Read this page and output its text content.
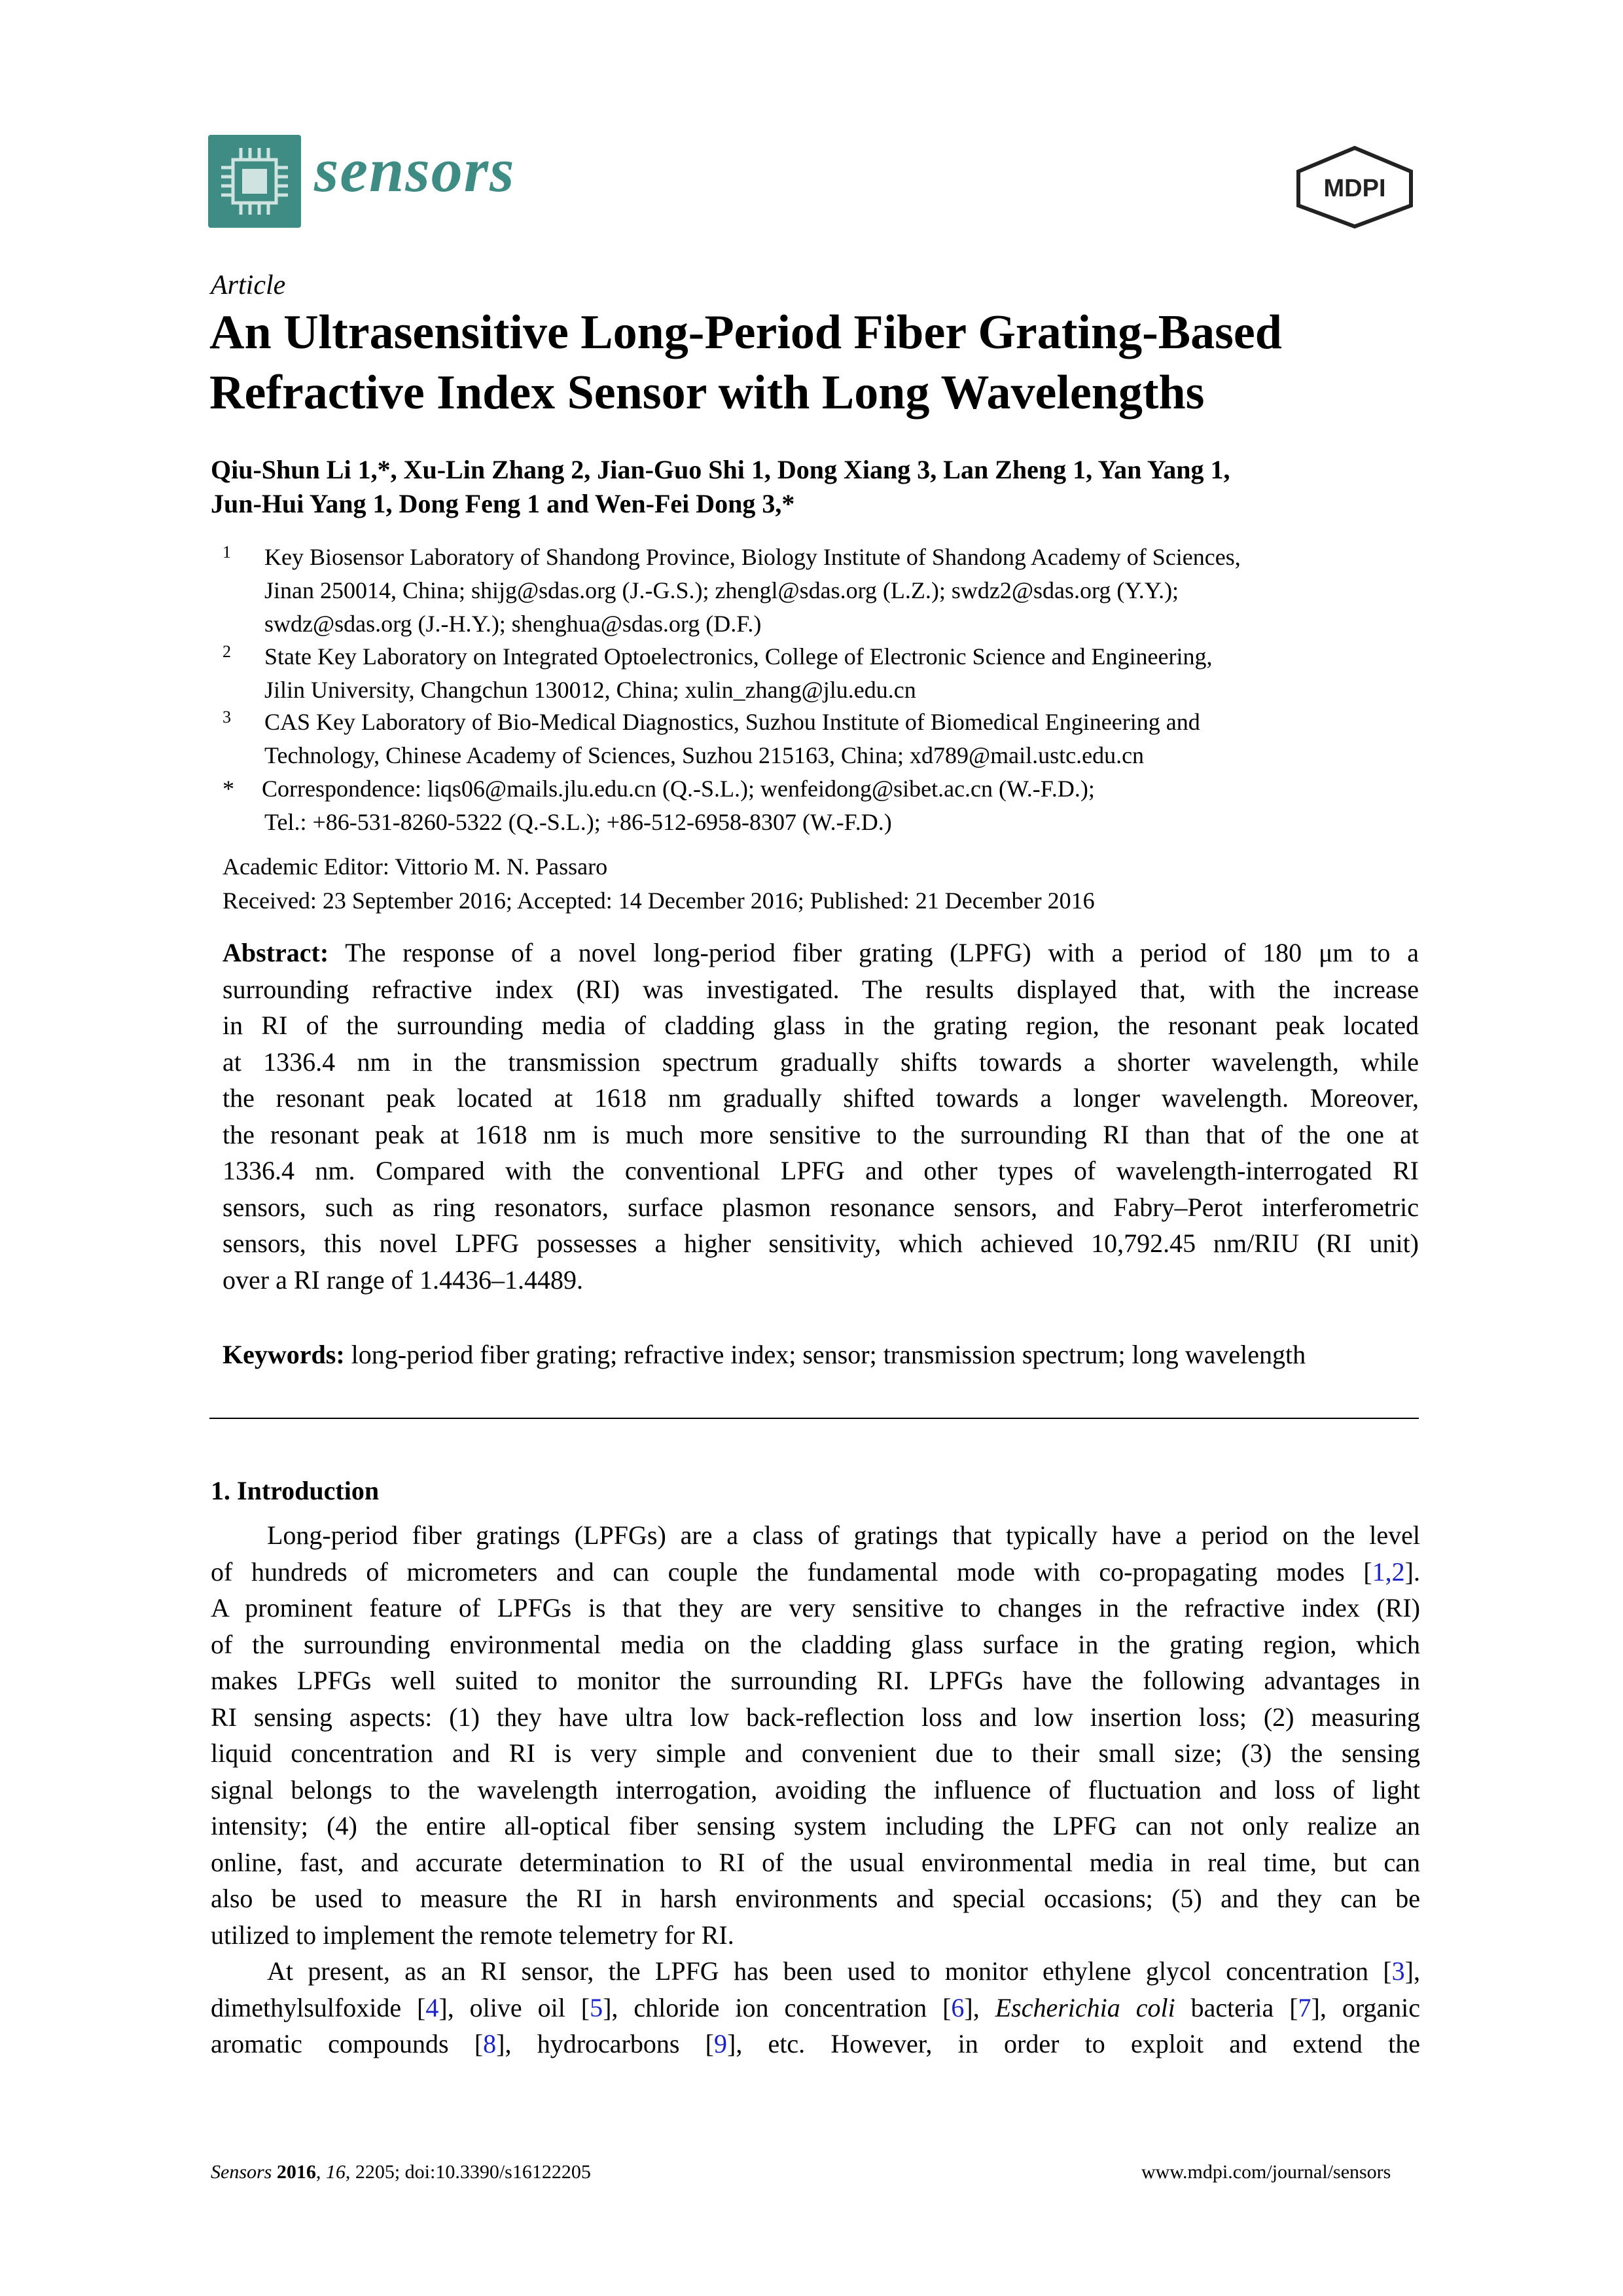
sensors	MDPI
Article
An Ultrasensitive Long-Period Fiber Grating-Based
Refractive Index Sensor with Long Wavelengths
Qiu-Shun Li 1,*, Xu-Lin Zhang 2, Jian-Guo Shi 1, Dong Xiang 3, Lan Zheng 1, Yan Yang 1,
Jun-Hui Yang 1, Dong Feng 1 and Wen-Fei Dong 3,*
1 Key Biosensor Laboratory of Shandong Province, Biology Institute of Shandong Academy of Sciences,
Jinan 250014, China; shijg@sdas.org (J.-G.S.); zhengl@sdas.org (L.Z.); swdz2@sdas.org (Y.Y.);
swdz@sdas.org (J.-H.Y.); shenghua@sdas.org (D.F.)
2 State Key Laboratory on Integrated Optoelectronics, College of Electronic Science and Engineering,
Jilin University, Changchun 130012, China; xulin_zhang@jlu.edu.cn
3 CAS Key Laboratory of Bio-Medical Diagnostics, Suzhou Institute of Biomedical Engineering and
Technology, Chinese Academy of Sciences, Suzhou 215163, China; xd789@mail.ustc.edu.cn
* Correspondence: liqs06@mails.jlu.edu.cn (Q.-S.L.); wenfeidong@sibet.ac.cn (W.-F.D.);
Tel.: +86-531-8260-5322 (Q.-S.L.); +86-512-6958-8307 (W.-F.D.)
Academic Editor: Vittorio M. N. Passaro
Received: 23 September 2016; Accepted: 14 December 2016; Published: 21 December 2016
Abstract: The response of a novel long-period fiber grating (LPFG) with a period of 180 μm to a
surrounding refractive index (RI) was investigated. The results displayed that, with the increase
in RI of the surrounding media of cladding glass in the grating region, the resonant peak located
at 1336.4 nm in the transmission spectrum gradually shifts towards a shorter wavelength, while
the resonant peak located at 1618 nm gradually shifted towards a longer wavelength. Moreover,
the resonant peak at 1618 nm is much more sensitive to the surrounding RI than that of the one at
1336.4 nm. Compared with the conventional LPFG and other types of wavelength-interrogated RI
sensors, such as ring resonators, surface plasmon resonance sensors, and Fabry–Perot interferometric
sensors, this novel LPFG possesses a higher sensitivity, which achieved 10,792.45 nm/RIU (RI unit)
over a RI range of 1.4436–1.4489.
Keywords: long-period fiber grating; refractive index; sensor; transmission spectrum; long wavelength
1. Introduction
Long-period fiber gratings (LPFGs) are a class of gratings that typically have a period on the level
of hundreds of micrometers and can couple the fundamental mode with co-propagating modes [1,2].
A prominent feature of LPFGs is that they are very sensitive to changes in the refractive index (RI)
of the surrounding environmental media on the cladding glass surface in the grating region, which
makes LPFGs well suited to monitor the surrounding RI. LPFGs have the following advantages in
RI sensing aspects: (1) they have ultra low back-reflection loss and low insertion loss; (2) measuring
liquid concentration and RI is very simple and convenient due to their small size; (3) the sensing
signal belongs to the wavelength interrogation, avoiding the influence of fluctuation and loss of light
intensity; (4) the entire all-optical fiber sensing system including the LPFG can not only realize an
online, fast, and accurate determination to RI of the usual environmental media in real time, but can
also be used to measure the RI in harsh environments and special occasions; (5) and they can be
utilized to implement the remote telemetry for RI.
At present, as an RI sensor, the LPFG has been used to monitor ethylene glycol concentration [3],
dimethylsulfoxide [4], olive oil [5], chloride ion concentration [6], Escherichia coli bacteria [7], organic
aromatic compounds [8], hydrocarbons [9], etc. However, in order to exploit and extend the
Sensors 2016, 16, 2205; doi:10.3390/s16122205	www.mdpi.com/journal/sensors
